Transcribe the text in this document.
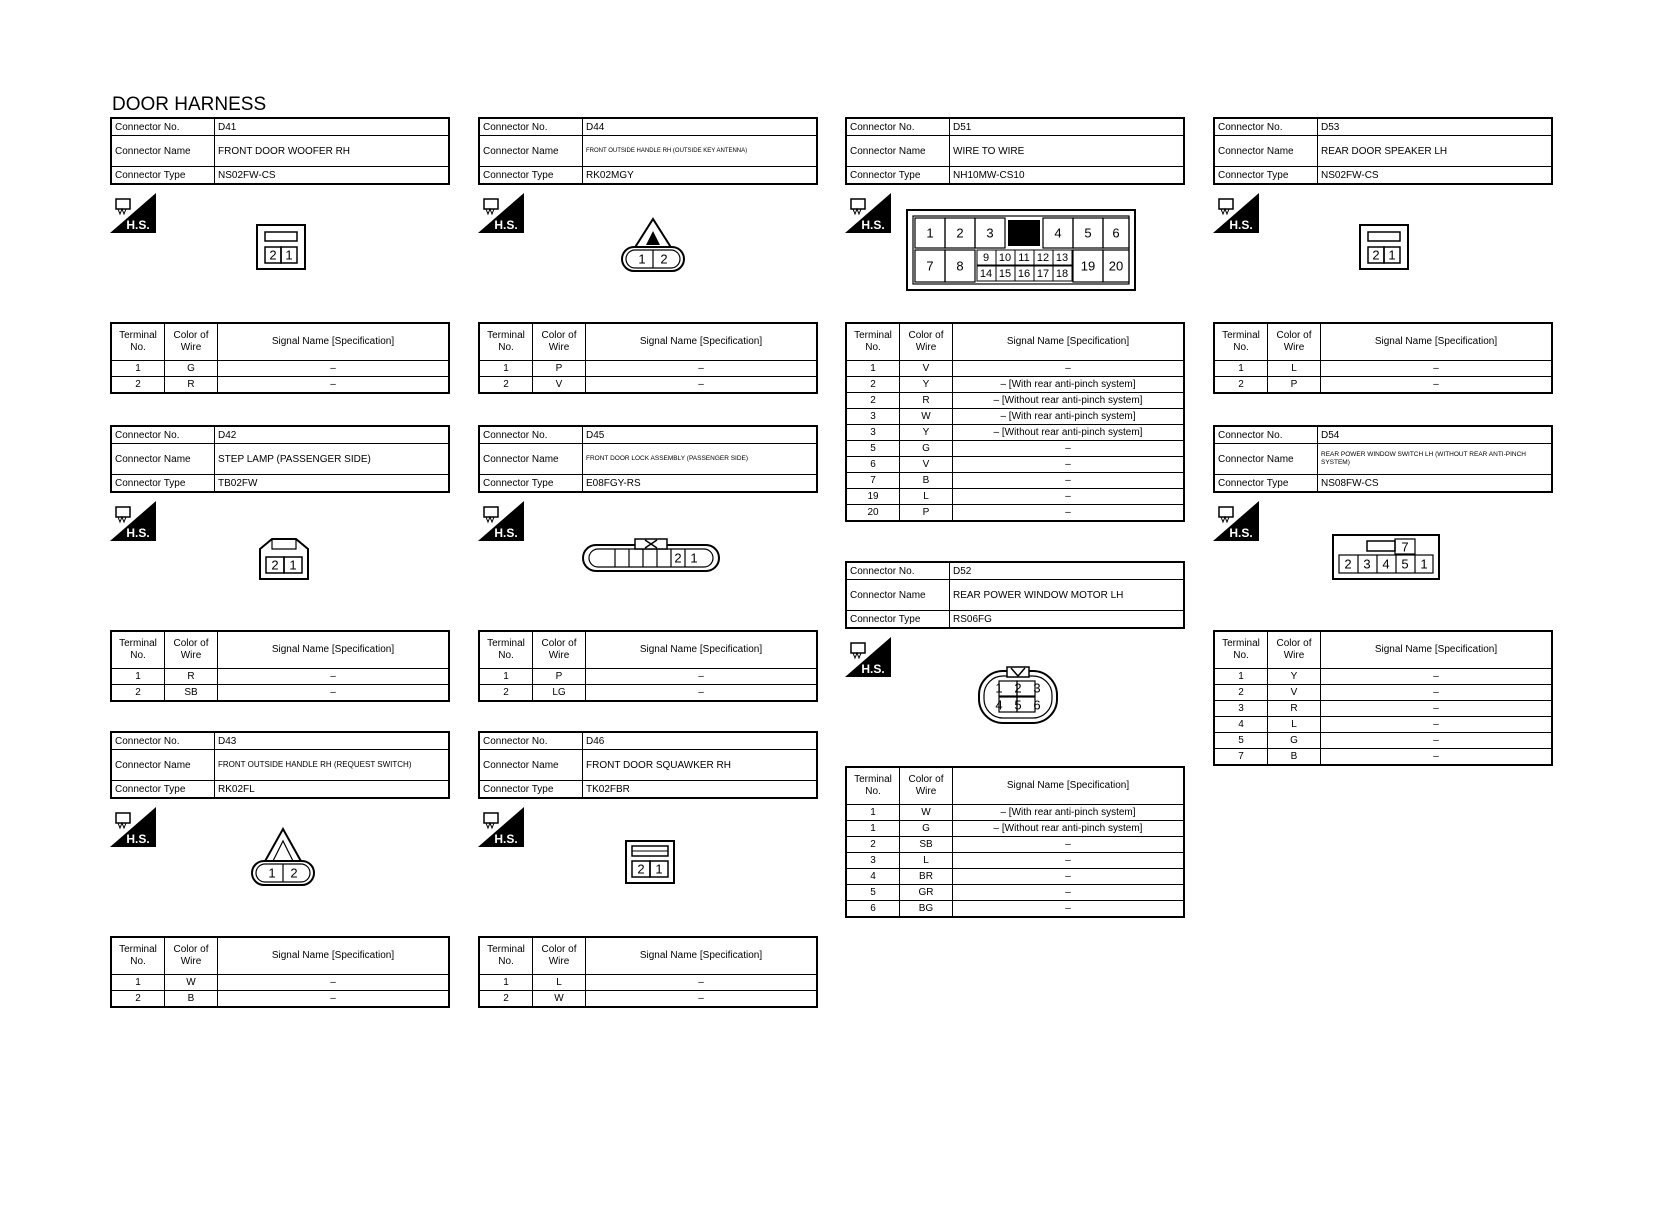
DOOR HARNESS
Connector No.	D41
Connector Name	FRONT DOOR WOOFER RH
Connector Type	NS02FW-CS
H.S.
2 1
Terminal No.	Color of Wire	Signal Name [Specification]
1	G	–
2	R	–
Connector No.	D42
Connector Name	STEP LAMP (PASSENGER SIDE)
Connector Type	TB02FW
H.S.
2 1
Terminal No.	Color of Wire	Signal Name [Specification]
1	R	–
2	SB	–
Connector No.	D43
Connector Name	FRONT OUTSIDE HANDLE RH (REQUEST SWITCH)
Connector Type	RK02FL
H.S.
1 2
Terminal No.	Color of Wire	Signal Name [Specification]
1	W	–
2	B	–
Connector No.	D44
Connector Name	FRONT OUTSIDE HANDLE RH (OUTSIDE KEY ANTENNA)
Connector Type	RK02MGY
H.S.
1 2
Terminal No.	Color of Wire	Signal Name [Specification]
1	P	–
2	V	–
Connector No.	D45
Connector Name	FRONT DOOR LOCK ASSEMBLY (PASSENGER SIDE)
Connector Type	E08FGY-RS
H.S.
2 1
Terminal No.	Color of Wire	Signal Name [Specification]
1	P	–
2	LG	–
Connector No.	D46
Connector Name	FRONT DOOR SQUAWKER RH
Connector Type	TK02FBR
H.S.
2 1
Terminal No.	Color of Wire	Signal Name [Specification]
1	L	–
2	W	–
Connector No.	D51
Connector Name	WIRE TO WIRE
Connector Type	NH10MW-CS10
H.S.
1 2 3	4 5 6
7 8	19 20
9 10 11 12 13
14 15 16 17 18
Terminal No.	Color of Wire	Signal Name [Specification]
1	V	–
2	Y	– [With rear anti-pinch system]
2	R	– [Without rear anti-pinch system]
3	W	– [With rear anti-pinch system]
3	Y	– [Without rear anti-pinch system]
5	G	–
6	V	–
7	B	–
19	L	–
20	P	–
Connector No.	D52
Connector Name	REAR POWER WINDOW MOTOR LH
Connector Type	RS06FG
H.S.
1 2 3
4 5 6
Terminal No.	Color of Wire	Signal Name [Specification]
1	W	– [With rear anti-pinch system]
1	G	– [Without rear anti-pinch system]
2	SB	–
3	L	–
4	BR	–
5	GR	–
6	BG	–
Connector No.	D53
Connector Name	REAR DOOR SPEAKER LH
Connector Type	NS02FW-CS
H.S.
2 1
Terminal No.	Color of Wire	Signal Name [Specification]
1	L	–
2	P	–
Connector No.	D54
Connector Name	REAR POWER WINDOW SWITCH LH (WITHOUT REAR ANTI-PINCH SYSTEM)
Connector Type	NS08FW-CS
H.S.
7
2 3 4 5 1
Terminal No.	Color of Wire	Signal Name [Specification]
1	Y	–
2	V	–
3	R	–
4	L	–
5	G	–
7	B	–
